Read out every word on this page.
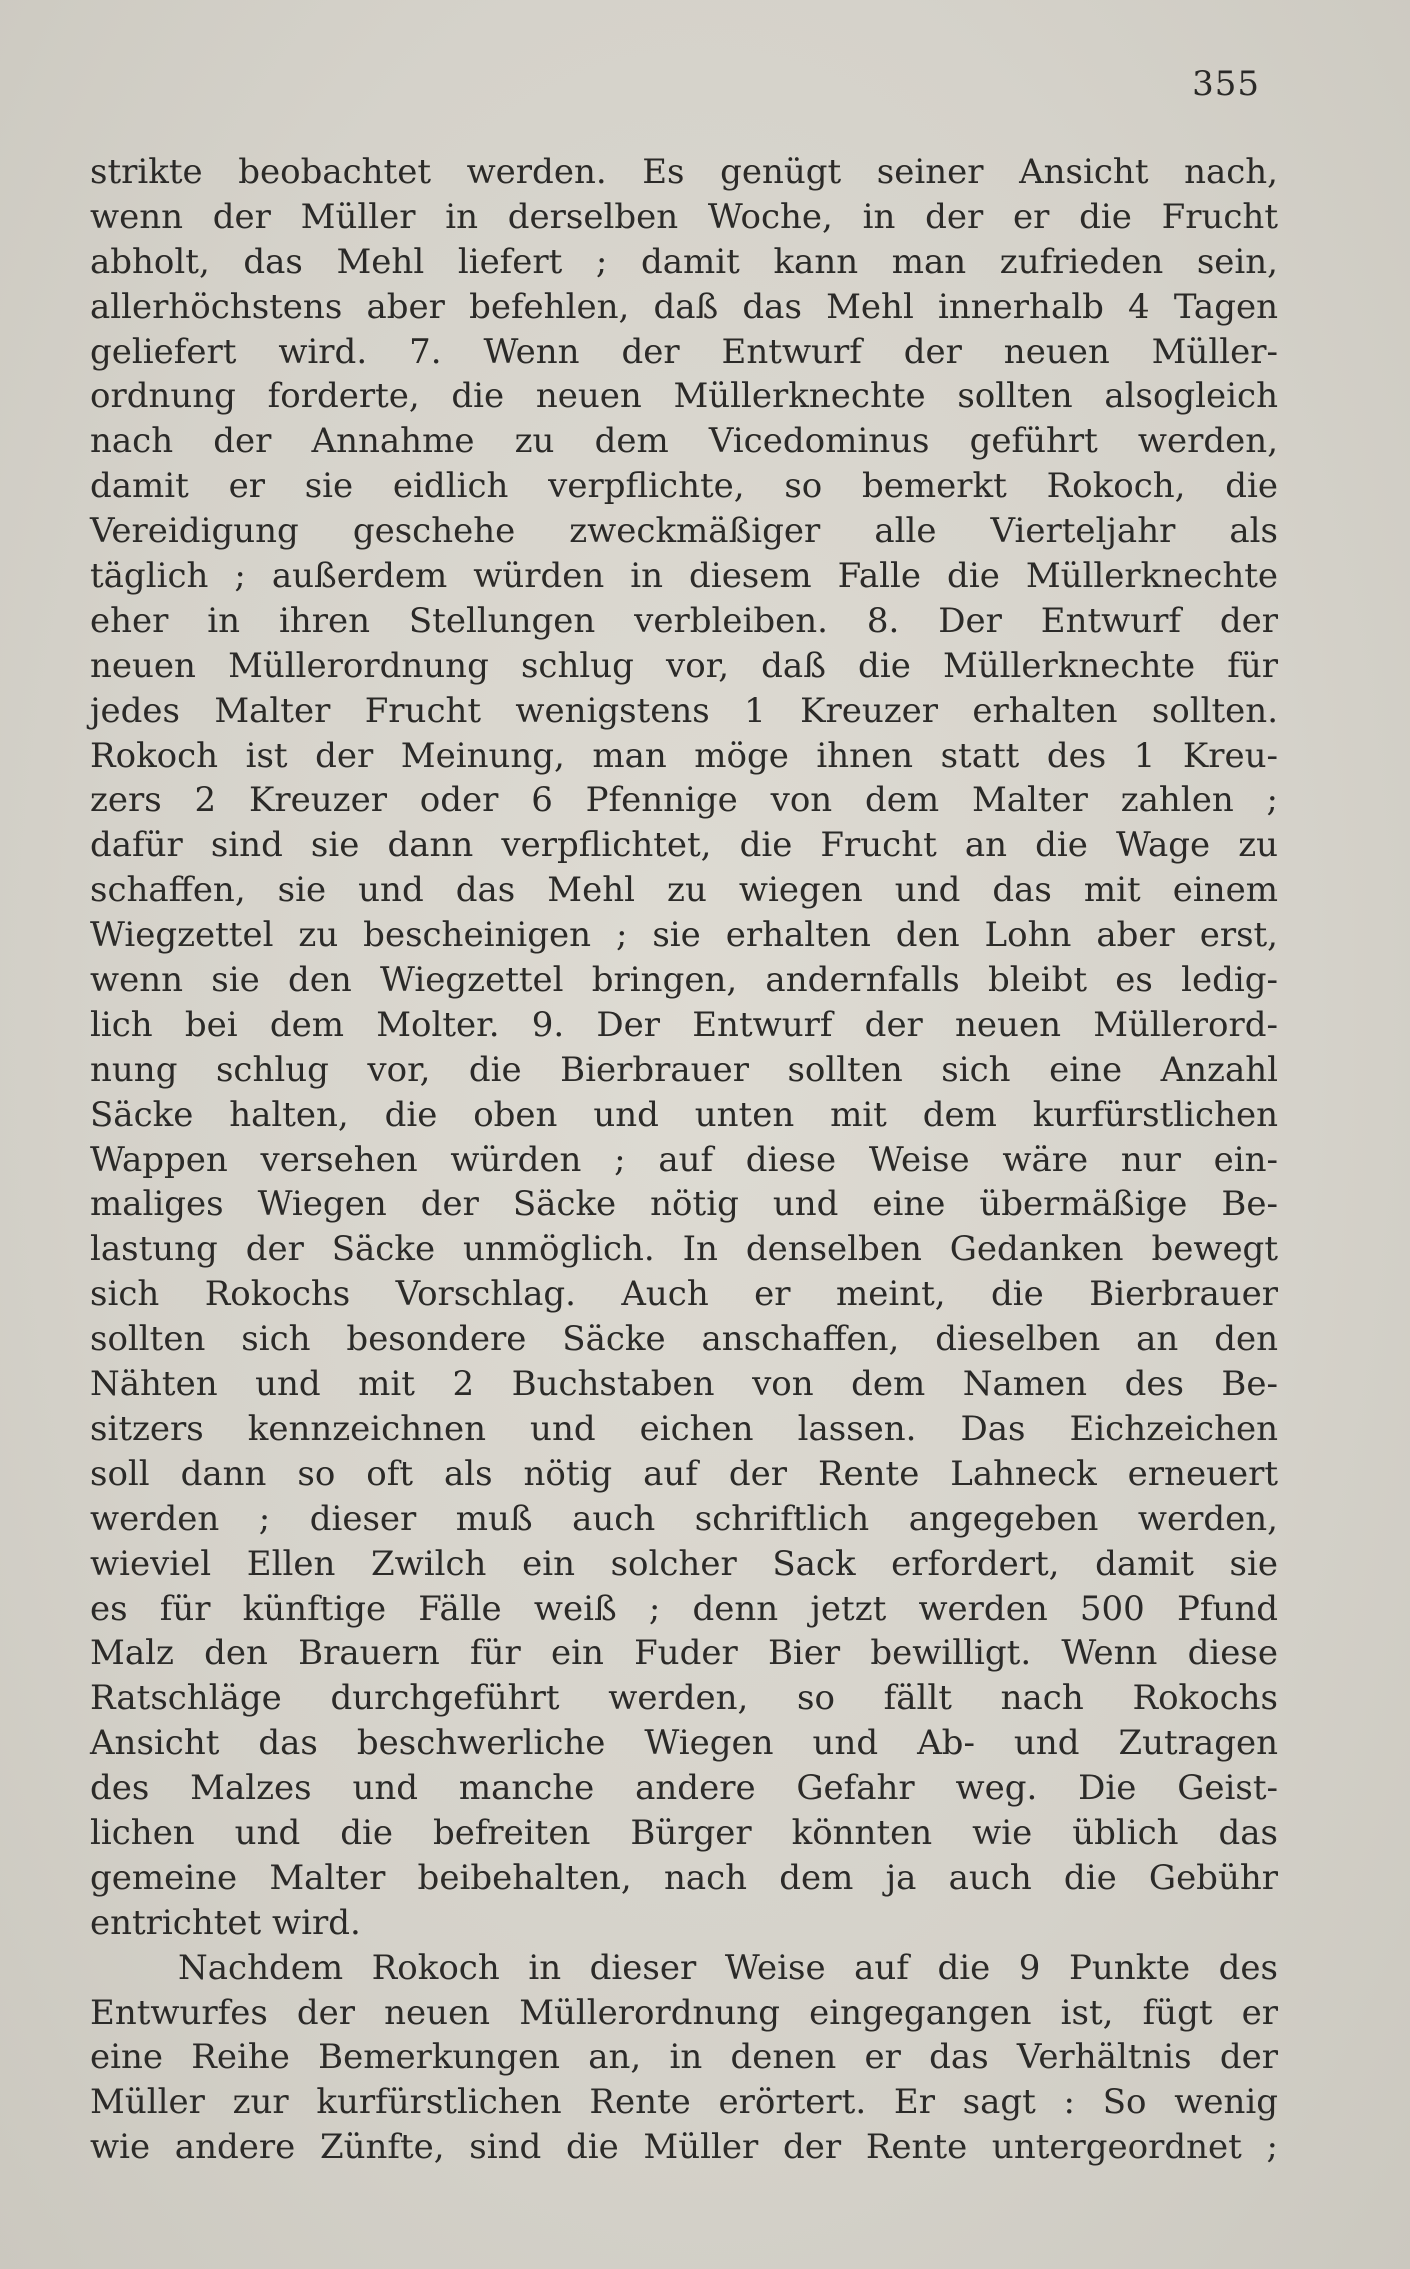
355
strikte beobachtet werden. Es genügt seiner Ansicht nach,
wenn der Müller in derselben Woche, in der er die Frucht
abholt, das Mehl liefert ; damit kann man zufrieden sein,
allerhöchstens aber befehlen, daß das Mehl innerhalb 4 Tagen
geliefert wird. 7. Wenn der Entwurf der neuen Müller-
ordnung forderte, die neuen Müllerknechte sollten alsogleich
nach der Annahme zu dem Vicedominus geführt werden,
damit er sie eidlich verpflichte, so bemerkt Rokoch, die
Vereidigung geschehe zweckmäßiger alle Vierteljahr als
täglich ; außerdem würden in diesem Falle die Müllerknechte
eher in ihren Stellungen verbleiben. 8. Der Entwurf der
neuen Müllerordnung schlug vor, daß die Müllerknechte für
jedes Malter Frucht wenigstens 1 Kreuzer erhalten sollten.
Rokoch ist der Meinung, man möge ihnen statt des 1 Kreu-
zers 2 Kreuzer oder 6 Pfennige von dem Malter zahlen ;
dafür sind sie dann verpflichtet, die Frucht an die Wage zu
schaffen, sie und das Mehl zu wiegen und das mit einem
Wiegzettel zu bescheinigen ; sie erhalten den Lohn aber erst,
wenn sie den Wiegzettel bringen, andernfalls bleibt es ledig-
lich bei dem Molter. 9. Der Entwurf der neuen Müllerord-
nung schlug vor, die Bierbrauer sollten sich eine Anzahl
Säcke halten, die oben und unten mit dem kurfürstlichen
Wappen versehen würden ; auf diese Weise wäre nur ein-
maliges Wiegen der Säcke nötig und eine übermäßige Be-
lastung der Säcke unmöglich. In denselben Gedanken bewegt
sich Rokochs Vorschlag. Auch er meint, die Bierbrauer
sollten sich besondere Säcke anschaffen, dieselben an den
Nähten und mit 2 Buchstaben von dem Namen des Be-
sitzers kennzeichnen und eichen lassen. Das Eichzeichen
soll dann so oft als nötig auf der Rente Lahneck erneuert
werden ; dieser muß auch schriftlich angegeben werden,
wieviel Ellen Zwilch ein solcher Sack erfordert, damit sie
es für künftige Fälle weiß ; denn jetzt werden 500 Pfund
Malz den Brauern für ein Fuder Bier bewilligt. Wenn diese
Ratschläge durchgeführt werden, so fällt nach Rokochs
Ansicht das beschwerliche Wiegen und Ab- und Zutragen
des Malzes und manche andere Gefahr weg. Die Geist-
lichen und die befreiten Bürger könnten wie üblich das
gemeine Malter beibehalten, nach dem ja auch die Gebühr
entrichtet wird.
Nachdem Rokoch in dieser Weise auf die 9 Punkte des
Entwurfes der neuen Müllerordnung eingegangen ist, fügt er
eine Reihe Bemerkungen an, in denen er das Verhältnis der
Müller zur kurfürstlichen Rente erörtert. Er sagt : So wenig
wie andere Zünfte, sind die Müller der Rente untergeordnet ;
